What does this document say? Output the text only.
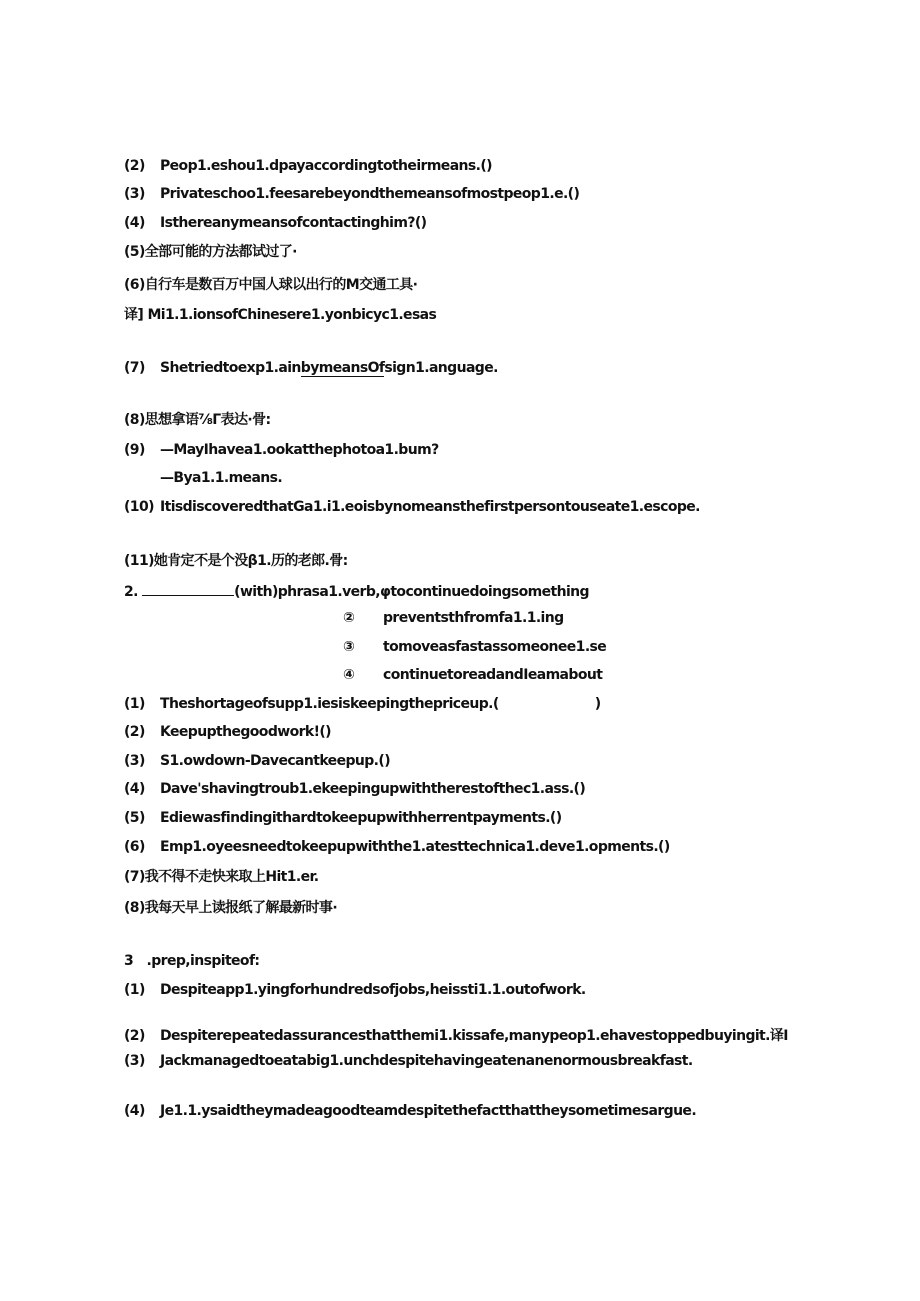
(2) Peop1.eshou1.dpayaccordingtotheirmeans.()
(3) Privateschoo1.feesarebeyondthemeansofmostpeop1.e.()
(4) Isthereanymeansofcontactinghim?()
(5)全部可能的方法都试过了·
(6)自行车是数百万中国人球以出行的M交通工具·
译] Mi1.1.ionsofChinesere1.yonbicyc1.esas
(7) Shetriedtoexp1.ainbymeansOfsign1.anguage.
(8)思想拿语⅞Γ表达·骨:
(9) —MayIhavea1.ookatthephotoa1.bum?
—Bya1.1.means.
(10) ItisdiscoveredthatGa1.i1.eoisbynomeansthefirstpersontouseate1.escope.
(11)她肯定不是个没β1.历的老郎.骨:
2.	(with)phrasa1.verb,φtocontinuedoingsomething
② preventsthfromfa1.1.ing
③ tomoveasfastassomeonee1.se
④ continuetoreadandIeamabout
(1) Theshortageofsupp1.iesiskeepingthepriceup.(	)
(2) Keepupthegoodwork!()
(3) S1.owdown-Davecantkeepup.()
(4) Dave'shavingtroub1.ekeepingupwiththerestofthec1.ass.()
(5) Ediewasfindingithardtokeepupwithherrentpayments.()
(6) Emp1.oyeesneedtokeepupwiththe1.atesttechnica1.deve1.opments.()
(7)我不得不走快来取上Hit1.er.
(8)我每天早上读报纸了解最新时事·
3　.prep,inspiteof:
(1) Despiteapp1.yingforhundredsofjobs,heissti1.1.outofwork.
(2) Despiterepeatedassurancesthatthemi1.kissafe,manypeop1.ehavestoppedbuyingit.译I
(3) Jackmanagedtoeatabig1.unchdespitehavingeatenanenormousbreakfast.
(4) Je1.1.ysaidtheymadeagoodteamdespitethefactthattheysometimesargue.
